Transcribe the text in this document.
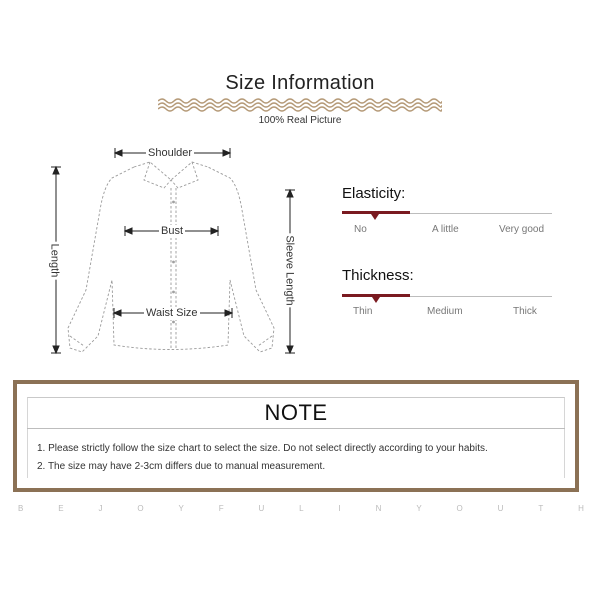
Size Information
100% Real Picture
Shoulder
Bust
Waist Size
Length	Sleeve Length
Elasticity:
No	A little	Very good
Thickness:
Thin	Medium	Thick
NOTE
1. Please strictly follow the size chart to select the size. Do not select directly according to your habits.
2. The size may have 2-3cm differs due to manual measurement.
B	E	J	O	Y	F	U	L	I	N	Y	O	U	T	H
